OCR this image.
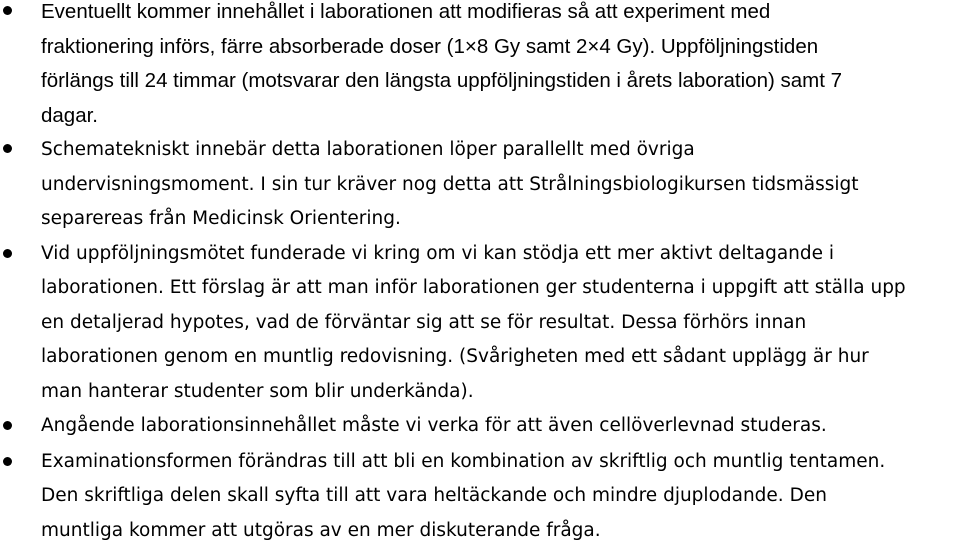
Eventuellt kommer innehållet i laborationen att modifieras så att experiment med
fraktionering införs, färre absorberade doser (1×8 Gy samt 2×4 Gy). Uppföljningstiden
förlängs till 24 timmar (motsvarar den längsta uppföljningstiden i årets laboration) samt 7
dagar.
Schematekniskt innebär detta laborationen löper parallellt med övriga
undervisningsmoment. I sin tur kräver nog detta att Strålningsbiologikursen tidsmässigt
separereas från Medicinsk Orientering.
Vid uppföljningsmötet funderade vi kring om vi kan stödja ett mer aktivt deltagande i
laborationen. Ett förslag är att man inför laborationen ger studenterna i uppgift att ställa upp
en detaljerad hypotes, vad de förväntar sig att se för resultat. Dessa förhörs innan
laborationen genom en muntlig redovisning. (Svårigheten med ett sådant upplägg är hur
man hanterar studenter som blir underkända).
Angående laborationsinnehållet måste vi verka för att även cellöverlevnad studeras.
Examinationsformen förändras till att bli en kombination av skriftlig och muntlig tentamen.
Den skriftliga delen skall syfta till att vara heltäckande och mindre djuplodande. Den
muntliga kommer att utgöras av en mer diskuterande fråga.
